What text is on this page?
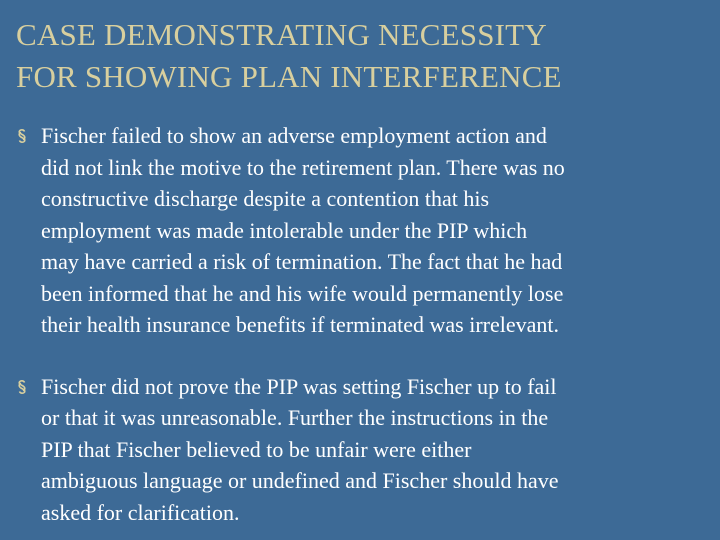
CASE DEMONSTRATING NECESSITY
FOR SHOWING PLAN INTERFERENCE
Fischer failed to show an adverse employment action and
did not link the motive to the retirement plan. There was no
constructive discharge despite a contention that his
employment was made intolerable under the PIP which
may have carried a risk of termination. The fact that he had
been informed that he and his wife would permanently lose
their health insurance benefits if terminated was irrelevant.
Fischer did not prove the PIP was setting Fischer up to fail
or that it was unreasonable. Further the instructions in the
PIP that Fischer believed to be unfair were either
ambiguous language or undefined and Fischer should have
asked for clarification.
